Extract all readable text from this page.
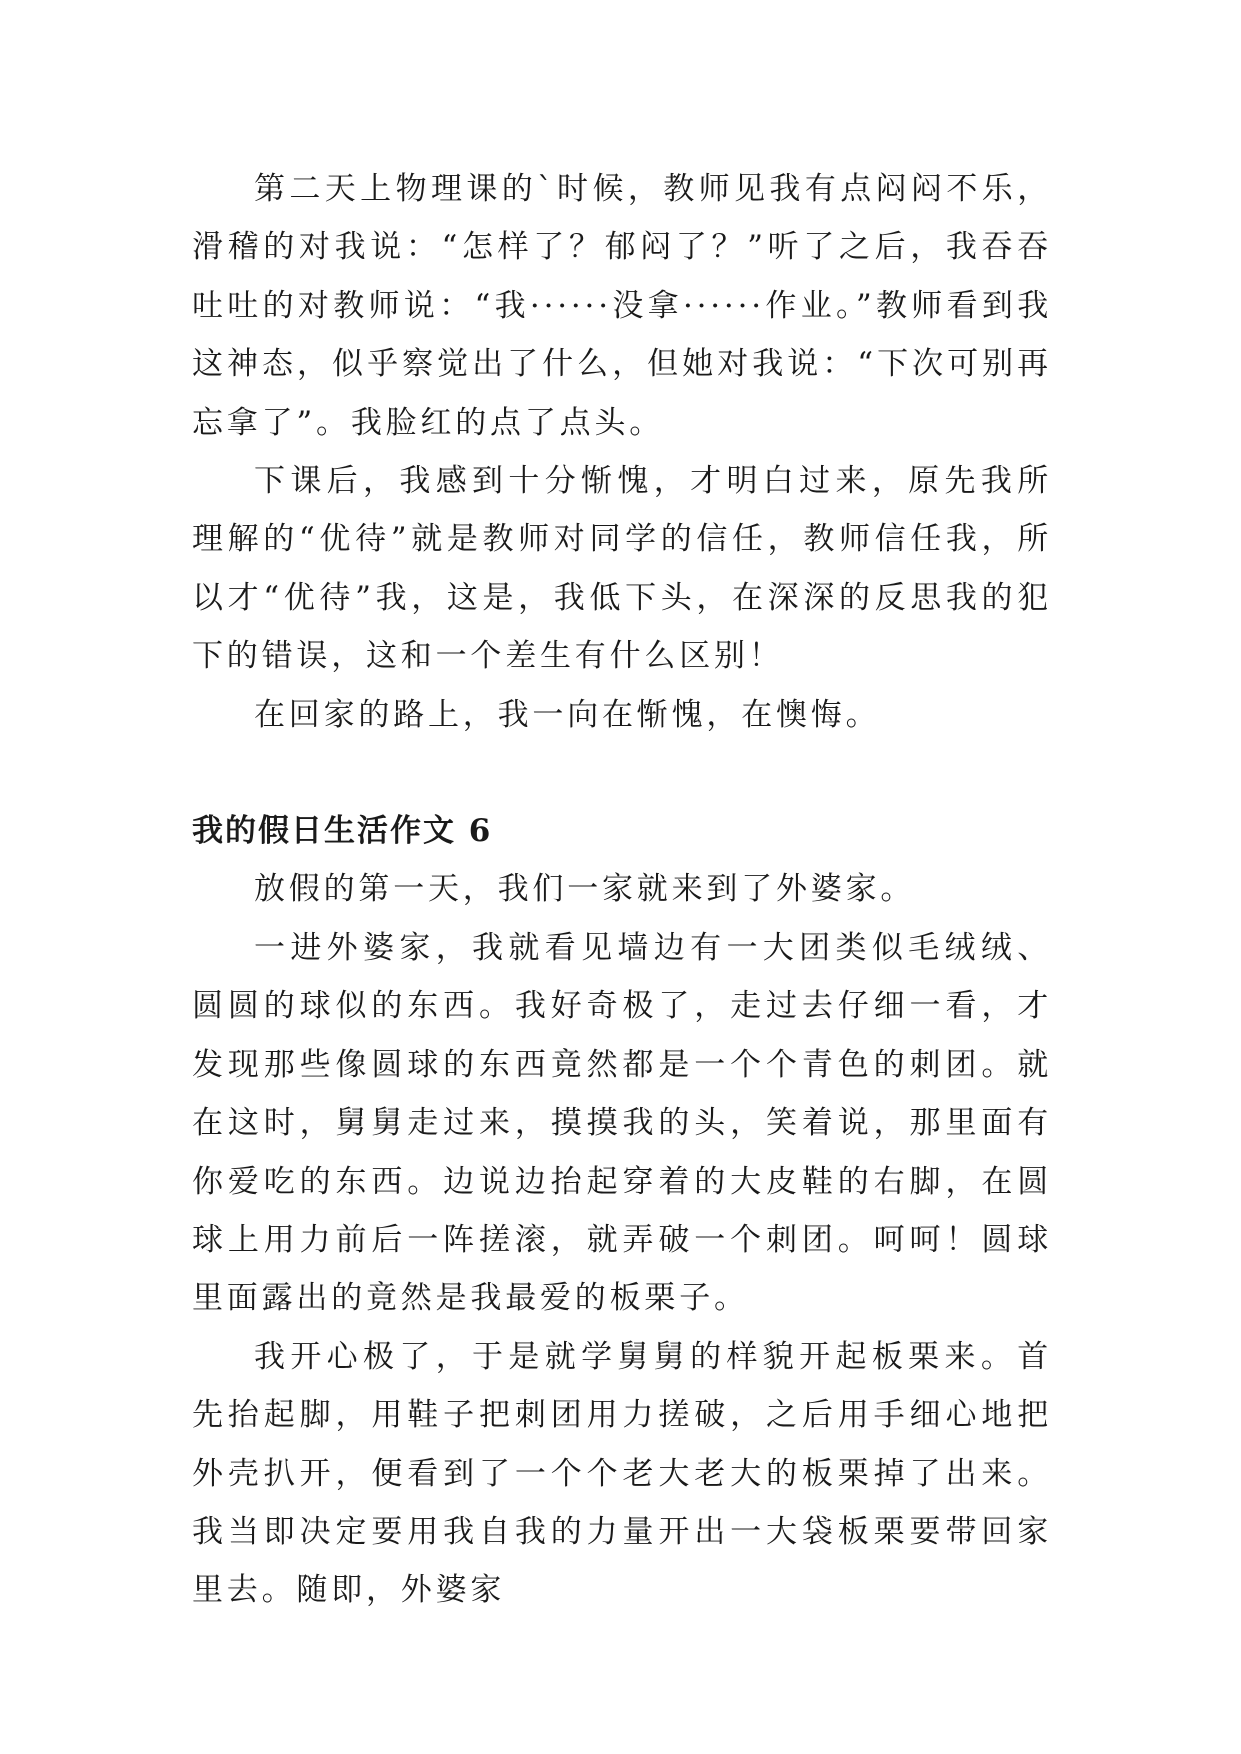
第二天上物理课的`时候，教师见我有点闷闷不乐，滑稽的对我说：“怎样了？郁闷了？”听了之后，我吞吞吐吐的对教师说：“我······没拿······作业。”教师看到我这神态，似乎察觉出了什么，但她对我说：“下次可别再忘拿了”。我脸红的点了点头。

下课后，我感到十分惭愧，才明白过来，原先我所理解的“优待”就是教师对同学的信任，教师信任我，所以才“优待”我，这是，我低下头，在深深的反思我的犯下的错误，这和一个差生有什么区别！

在回家的路上，我一向在惭愧，在懊悔。

我的假日生活作文 6

放假的第一天，我们一家就来到了外婆家。

一进外婆家，我就看见墙边有一大团类似毛绒绒、圆圆的球似的东西。我好奇极了，走过去仔细一看，才发现那些像圆球的东西竟然都是一个个青色的刺团。就在这时，舅舅走过来，摸摸我的头，笑着说，那里面有你爱吃的东西。边说边抬起穿着的大皮鞋的右脚，在圆球上用力前后一阵搓滚，就弄破一个刺团。呵呵！圆球里面露出的竟然是我最爱的板栗子。

我开心极了，于是就学舅舅的样貌开起板栗来。首先抬起脚，用鞋子把刺团用力搓破，之后用手细心地把外壳扒开，便看到了一个个老大老大的板栗掉了出来。我当即决定要用我自我的力量开出一大袋板栗要带回家里去。随即，外婆家
